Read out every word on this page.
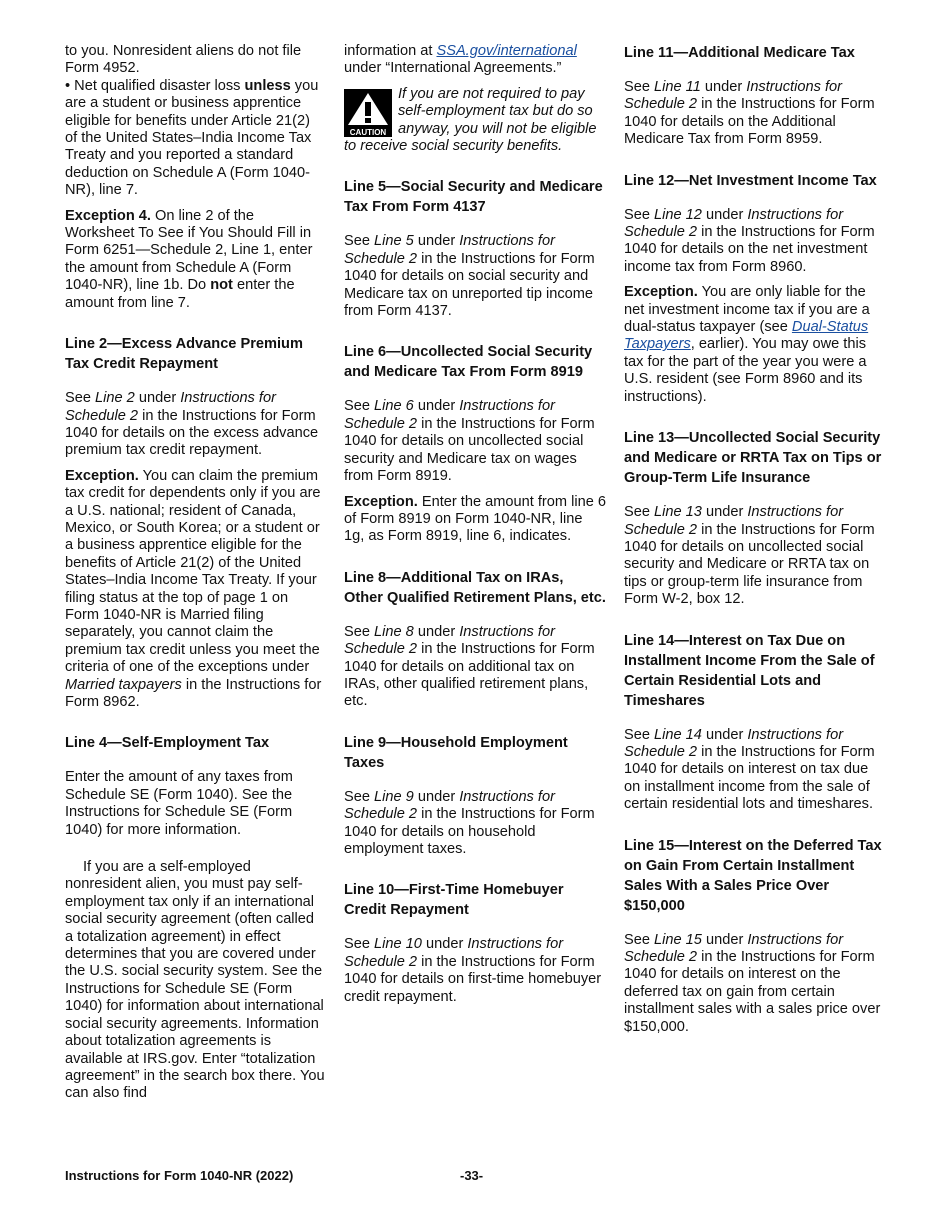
to you. Nonresident aliens do not file Form 4952.
• Net qualified disaster loss unless you are a student or business apprentice eligible for benefits under Article 21(2) of the United States–India Income Tax Treaty and you reported a standard deduction on Schedule A (Form 1040-NR), line 7.
Exception 4. On line 2 of the Worksheet To See if You Should Fill in Form 6251—Schedule 2, Line 1, enter the amount from Schedule A (Form 1040-NR), line 1b. Do not enter the amount from line 7.
Line 2—Excess Advance Premium Tax Credit Repayment
See Line 2 under Instructions for Schedule 2 in the Instructions for Form 1040 for details on the excess advance premium tax credit repayment.
Exception. You can claim the premium tax credit for dependents only if you are a U.S. national; resident of Canada, Mexico, or South Korea; or a student or a business apprentice eligible for the benefits of Article 21(2) of the United States–India Income Tax Treaty. If your filing status at the top of page 1 on Form 1040-NR is Married filing separately, you cannot claim the premium tax credit unless you meet the criteria of one of the exceptions under Married taxpayers in the Instructions for Form 8962.
Line 4—Self-Employment Tax
Enter the amount of any taxes from Schedule SE (Form 1040). See the Instructions for Schedule SE (Form 1040) for more information.
If you are a self-employed nonresident alien, you must pay self-employment tax only if an international social security agreement (often called a totalization agreement) in effect determines that you are covered under the U.S. social security system. See the Instructions for Schedule SE (Form 1040) for information about international social security agreements. Information about totalization agreements is available at IRS.gov. Enter “totalization agreement” in the search box there. You can also find
information at SSA.gov/international under “International Agreements.”
CAUTION
If you are not required to pay self-employment tax but do so anyway, you will not be eligible to receive social security benefits.
Line 5—Social Security and Medicare Tax From Form 4137
See Line 5 under Instructions for Schedule 2 in the Instructions for Form 1040 for details on social security and Medicare tax on unreported tip income from Form 4137.
Line 6—Uncollected Social Security and Medicare Tax From Form 8919
See Line 6 under Instructions for Schedule 2 in the Instructions for Form 1040 for details on uncollected social security and Medicare tax on wages from Form 8919.
Exception. Enter the amount from line 6 of Form 8919 on Form 1040-NR, line 1g, as Form 8919, line 6, indicates.
Line 8—Additional Tax on IRAs, Other Qualified Retirement Plans, etc.
See Line 8 under Instructions for Schedule 2 in the Instructions for Form 1040 for details on additional tax on IRAs, other qualified retirement plans, etc.
Line 9—Household Employment Taxes
See Line 9 under Instructions for Schedule 2 in the Instructions for Form 1040 for details on household employment taxes.
Line 10—First-Time Homebuyer Credit Repayment
See Line 10 under Instructions for Schedule 2 in the Instructions for Form 1040 for details on first-time homebuyer credit repayment.
Line 11—Additional Medicare Tax
See Line 11 under Instructions for Schedule 2 in the Instructions for Form 1040 for details on the Additional Medicare Tax from Form 8959.
Line 12—Net Investment Income Tax
See Line 12 under Instructions for Schedule 2 in the Instructions for Form 1040 for details on the net investment income tax from Form 8960.
Exception. You are only liable for the net investment income tax if you are a dual-status taxpayer (see Dual-Status Taxpayers, earlier). You may owe this tax for the part of the year you were a U.S. resident (see Form 8960 and its instructions).
Line 13—Uncollected Social Security and Medicare or RRTA Tax on Tips or Group-Term Life Insurance
See Line 13 under Instructions for Schedule 2 in the Instructions for Form 1040 for details on uncollected social security and Medicare or RRTA tax on tips or group-term life insurance from Form W-2, box 12.
Line 14—Interest on Tax Due on Installment Income From the Sale of Certain Residential Lots and Timeshares
See Line 14 under Instructions for Schedule 2 in the Instructions for Form 1040 for details on interest on tax due on installment income from the sale of certain residential lots and timeshares.
Line 15—Interest on the Deferred Tax on Gain From Certain Installment Sales With a Sales Price Over $150,000
See Line 15 under Instructions for Schedule 2 in the Instructions for Form 1040 for details on interest on the deferred tax on gain from certain installment sales with a sales price over $150,000.
Instructions for Form 1040-NR (2022)	-33-
